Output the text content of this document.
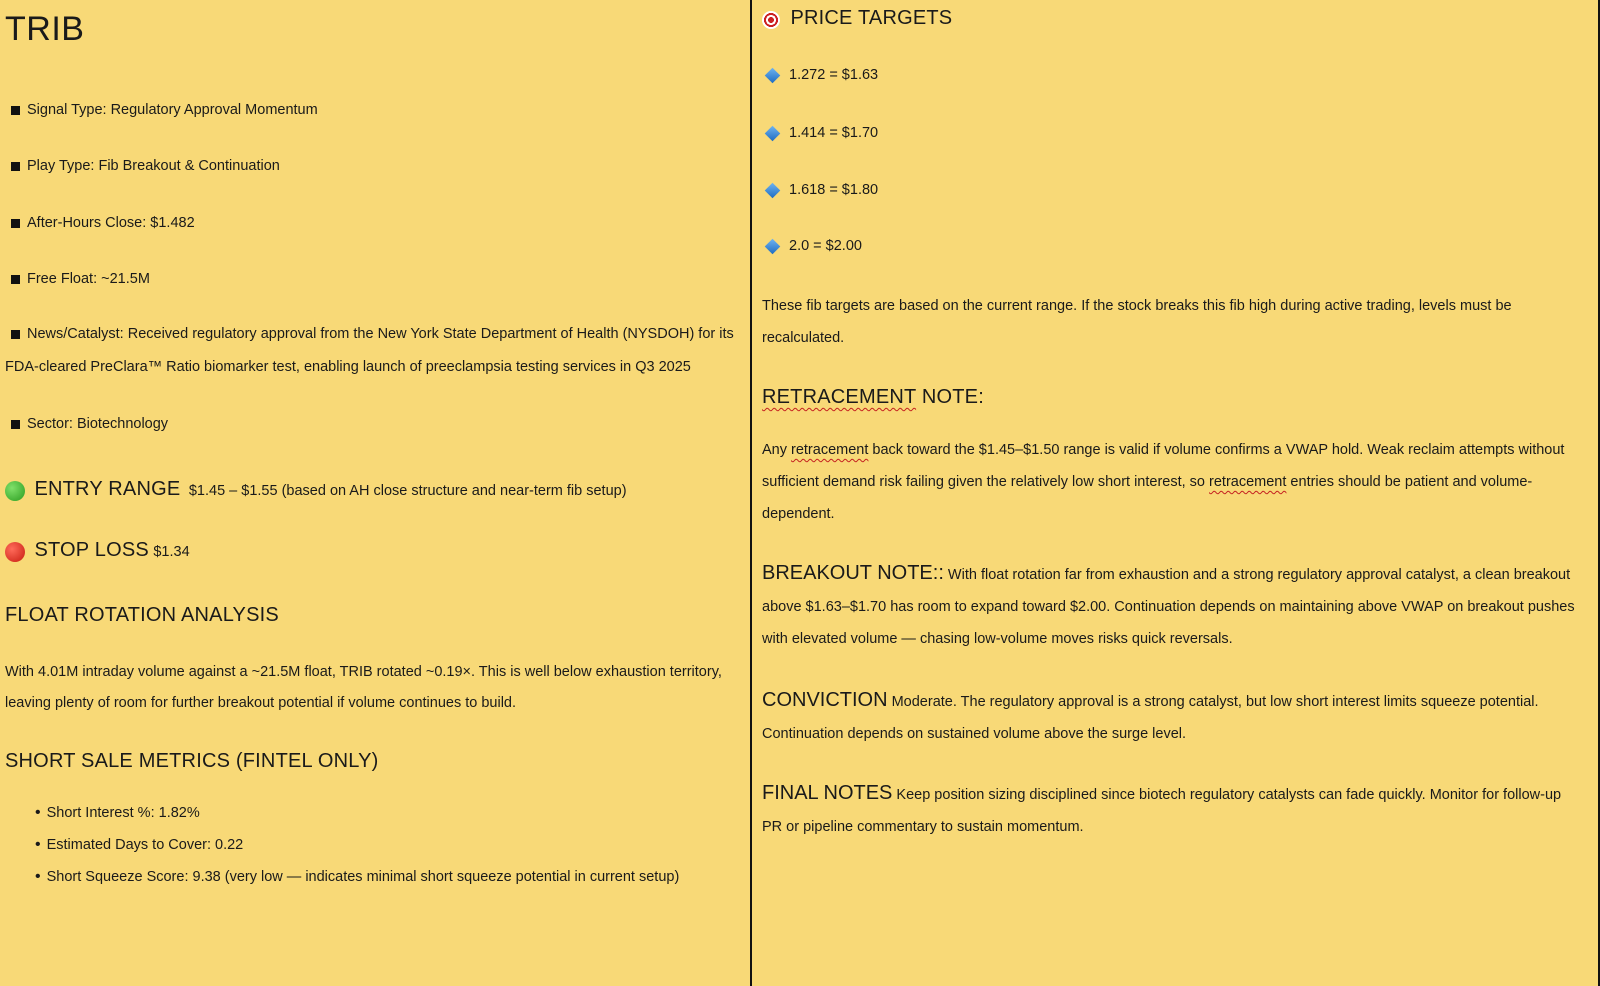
TRIB
Signal Type: Regulatory Approval Momentum
Play Type: Fib Breakout & Continuation
After-Hours Close: $1.482
Free Float: ~21.5M
News/Catalyst: Received regulatory approval from the New York State Department of Health (NYSDOH) for its
FDA-cleared PreClara™ Ratio biomarker test, enabling launch of preeclampsia testing services in Q3 2025
Sector: Biotechnology
ENTRY RANGE $1.45 – $1.55 (based on AH close structure and near-term fib setup)
STOP LOSS $1.34
FLOAT ROTATION ANALYSIS
With 4.01M intraday volume against a ~21.5M float, TRIB rotated ~0.19×. This is well below exhaustion territory,
leaving plenty of room for further breakout potential if volume continues to build.
SHORT SALE METRICS (FINTEL ONLY)
• Short Interest %: 1.82%
• Estimated Days to Cover: 0.22
• Short Squeeze Score: 9.38 (very low — indicates minimal short squeeze potential in current setup)
PRICE TARGETS
1.272 = $1.63
1.414 = $1.70
1.618 = $1.80
2.0 = $2.00
These fib targets are based on the current range. If the stock breaks this fib high during active trading, levels must be recalculated.
RETRACEMENT NOTE:
Any retracement back toward the $1.45–$1.50 range is valid if volume confirms a VWAP hold. Weak reclaim attempts without sufficient demand risk failing given the relatively low short interest, so retracement entries should be patient and volume-dependent.
BREAKOUT NOTE:: With float rotation far from exhaustion and a strong regulatory approval catalyst, a clean breakout above $1.63–$1.70 has room to expand toward $2.00. Continuation depends on maintaining above VWAP on breakout pushes with elevated volume — chasing low-volume moves risks quick reversals.
CONVICTION Moderate. The regulatory approval is a strong catalyst, but low short interest limits squeeze potential. Continuation depends on sustained volume above the surge level.
FINAL NOTES Keep position sizing disciplined since biotech regulatory catalysts can fade quickly. Monitor for follow-up PR or pipeline commentary to sustain momentum.
